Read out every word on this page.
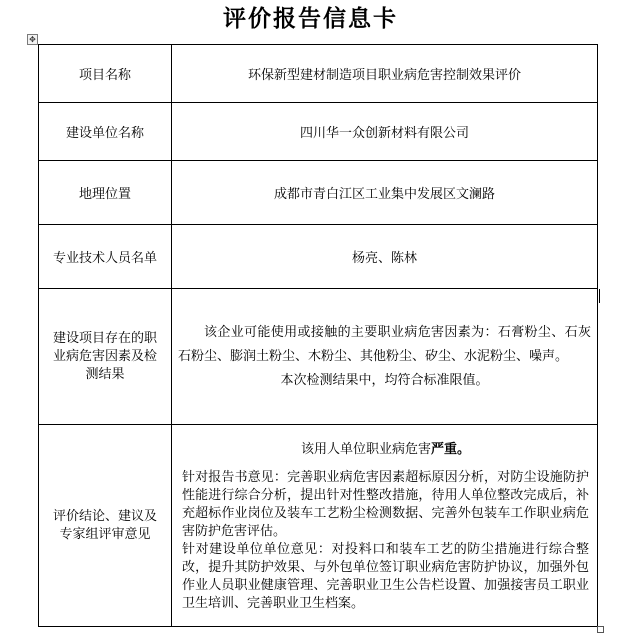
评价报告信息卡
✥
项目名称	环保新型建材制造项目职业病危害控制效果评价
建设单位名称	四川华一众创新材料有限公司
地理位置	成都市青白江区工业集中发展区文澜路
专业技术人员名单	杨亮、陈林
建设项目存在的职业病危害因素及检测结果	该企业可能使用或接触的主要职业病危害因素为：石膏粉尘、石灰石粉尘、膨润土粉尘、木粉尘、其他粉尘、矽尘、水泥粉尘、噪声。
本次检测结果中，均符合标准限值。

评价结论、建议及专家组评审意见	该用人单位职业病危害严重。
针对报告书意见：完善职业病危害因素超标原因分析，对防尘设施防护性能进行综合分析，提出针对性整改措施，待用人单位整改完成后，补充超标作业岗位及装车工艺粉尘检测数据、完善外包装车工作职业病危害防护危害评估。
针对建设单位单位意见：对投料口和装车工艺的防尘措施进行综合整改，提升其防护效果、与外包单位签订职业病危害防护协议，加强外包作业人员职业健康管理、完善职业卫生公告栏设置、加强接害员工职业卫生培训、完善职业卫生档案。
